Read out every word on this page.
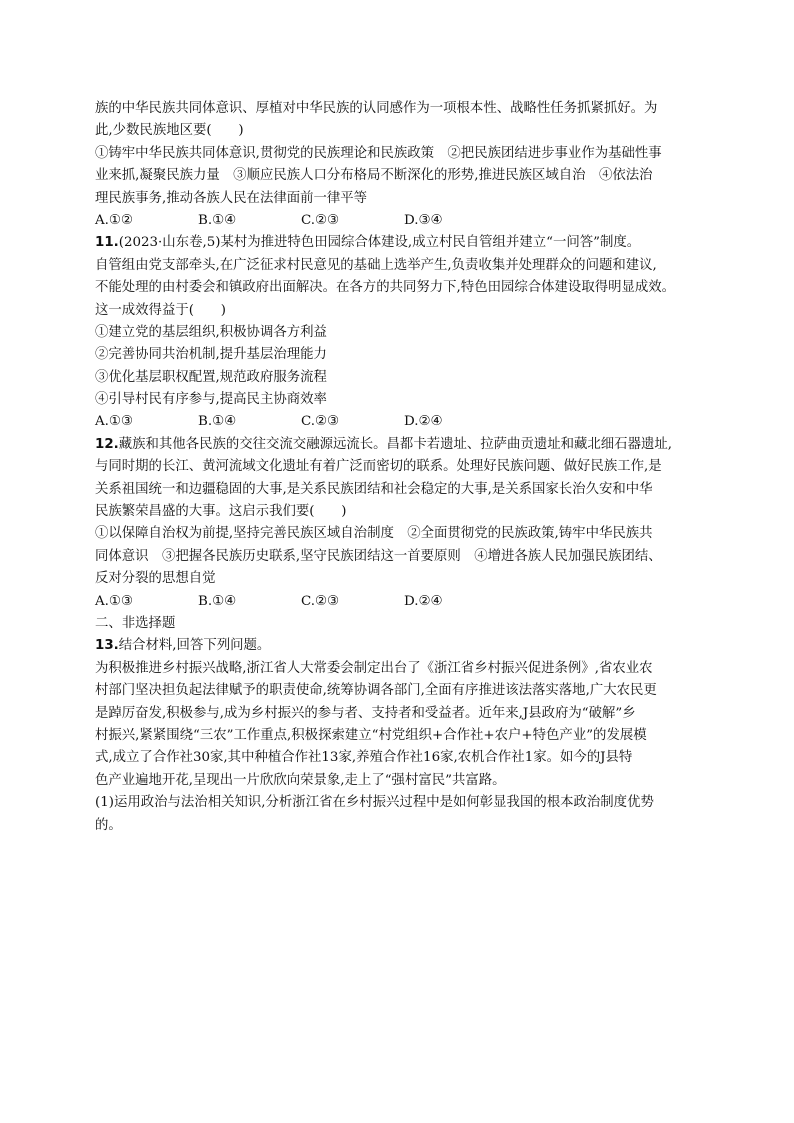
族的中华民族共同体意识、厚植对中华民族的认同感作为一项根本性、战略性任务抓紧抓好。为
此,少数民族地区要(　　)
①铸牢中华民族共同体意识,贯彻党的民族理论和民族政策　②把民族团结进步事业作为基础性事
业来抓,凝聚民族力量　③顺应民族人口分布格局不断深化的形势,推进民族区域自治　④依法治
理民族事务,推动各族人民在法律面前一律平等
A.①②	B.①④	C.②③	D.③④
11.(2023·山东卷,5)某村为推进特色田园综合体建设,成立村民自管组并建立“一问答”制度。
自管组由党支部牵头,在广泛征求村民意见的基础上选举产生,负责收集并处理群众的问题和建议,
不能处理的由村委会和镇政府出面解决。在各方的共同努力下,特色田园综合体建设取得明显成效。
这一成效得益于(　　)
①建立党的基层组织,积极协调各方利益
②完善协同共治机制,提升基层治理能力
③优化基层职权配置,规范政府服务流程
④引导村民有序参与,提高民主协商效率
A.①③	B.①④	C.②③	D.②④
12.藏族和其他各民族的交往交流交融源远流长。昌都卡若遗址、拉萨曲贡遗址和藏北细石器遗址,
与同时期的长江、黄河流域文化遗址有着广泛而密切的联系。处理好民族问题、做好民族工作,是
关系祖国统一和边疆稳固的大事,是关系民族团结和社会稳定的大事,是关系国家长治久安和中华
民族繁荣昌盛的大事。这启示我们要(　　)
①以保障自治权为前提,坚持完善民族区域自治制度　②全面贯彻党的民族政策,铸牢中华民族共
同体意识　③把握各民族历史联系,坚守民族团结这一首要原则　④增进各族人民加强民族团结、
反对分裂的思想自觉
A.①③	B.①④	C.②③	D.②④
二、非选择题
13.结合材料,回答下列问题。
为积极推进乡村振兴战略,浙江省人大常委会制定出台了《浙江省乡村振兴促进条例》,省农业农
村部门坚决担负起法律赋予的职责使命,统筹协调各部门,全面有序推进该法落实落地,广大农民更
是踔厉奋发,积极参与,成为乡村振兴的参与者、支持者和受益者。近年来,J县政府为“破解”乡
村振兴,紧紧围绕“三农”工作重点,积极探索建立“村党组织+合作社+农户+特色产业”的发展模
式,成立了合作社30家,其中种植合作社13家,养殖合作社16家,农机合作社1家。如今的J县特
色产业遍地开花,呈现出一片欣欣向荣景象,走上了“强村富民”共富路。
(1)运用政治与法治相关知识,分析浙江省在乡村振兴过程中是如何彰显我国的根本政治制度优势
的。
